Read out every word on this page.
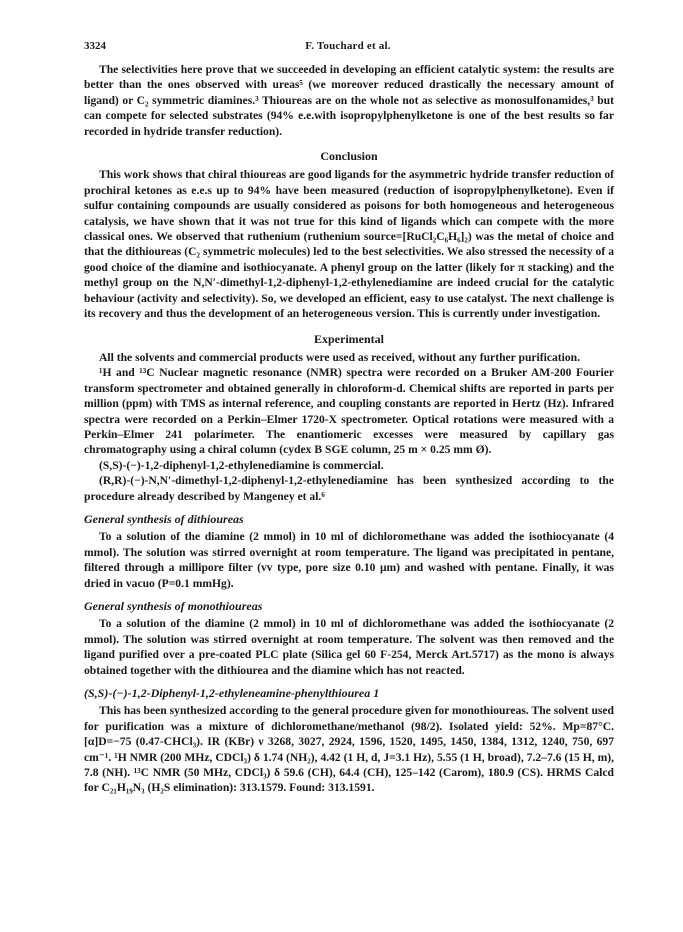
3324	F. Touchard et al.

The selectivities here prove that we succeeded in developing an efficient catalytic system: the results are better than the ones observed with ureas⁵ (we moreover reduced drastically the necessary amount of ligand) or C₂ symmetric diamines.³ Thioureas are on the whole not as selective as monosulfonamides,³ but can compete for selected substrates (94% e.e.with isopropylphenylketone is one of the best results so far recorded in hydride transfer reduction).

Conclusion

This work shows that chiral thioureas are good ligands for the asymmetric hydride transfer reduction of prochiral ketones as e.e.s up to 94% have been measured (reduction of isopropylphenylketone). Even if sulfur containing compounds are usually considered as poisons for both homogeneous and heterogeneous catalysis, we have shown that it was not true for this kind of ligands which can compete with the more classical ones. We observed that ruthenium (ruthenium source=[RuCl₂C₆H₆]₂) was the metal of choice and that the dithioureas (C₂ symmetric molecules) led to the best selectivities. We also stressed the necessity of a good choice of the diamine and isothiocyanate. A phenyl group on the latter (likely for π stacking) and the methyl group on the N,N′-dimethyl-1,2-diphenyl-1,2-ethylenediamine are indeed crucial for the catalytic behaviour (activity and selectivity). So, we developed an efficient, easy to use catalyst. The next challenge is its recovery and thus the development of an heterogeneous version. This is currently under investigation.

Experimental

All the solvents and commercial products were used as received, without any further purification.

¹H and ¹³C Nuclear magnetic resonance (NMR) spectra were recorded on a Bruker AM-200 Fourier transform spectrometer and obtained generally in chloroform-d. Chemical shifts are reported in parts per million (ppm) with TMS as internal reference, and coupling constants are reported in Hertz (Hz). Infrared spectra were recorded on a Perkin–Elmer 1720-X spectrometer. Optical rotations were measured with a Perkin–Elmer 241 polarimeter. The enantiomeric excesses were measured by capillary gas chromatography using a chiral column (cydex B SGE column, 25 m × 0.25 mm Ø).

(S,S)-(−)-1,2-diphenyl-1,2-ethylenediamine is commercial.

(R,R)-(−)-N,N′-dimethyl-1,2-diphenyl-1,2-ethylenediamine has been synthesized according to the procedure already described by Mangeney et al.⁶

General synthesis of dithioureas

To a solution of the diamine (2 mmol) in 10 ml of dichloromethane was added the isothiocyanate (4 mmol). The solution was stirred overnight at room temperature. The ligand was precipitated in pentane, filtered through a millipore filter (vv type, pore size 0.10 μm) and washed with pentane. Finally, it was dried in vacuo (P=0.1 mmHg).

General synthesis of monothioureas

To a solution of the diamine (2 mmol) in 10 ml of dichloromethane was added the isothiocyanate (2 mmol). The solution was stirred overnight at room temperature. The solvent was then removed and the ligand purified over a pre-coated PLC plate (Silica gel 60 F-254, Merck Art.5717) as the mono is always obtained together with the dithiourea and the diamine which has not reacted.

(S,S)-(−)-1,2-Diphenyl-1,2-ethyleneamine-phenylthiourea 1

This has been synthesized according to the general procedure given for monothioureas. The solvent used for purification was a mixture of dichloromethane/methanol (98/2). Isolated yield: 52%. Mp=87°C. [α]D=−75 (0.47-CHCl₃). IR (KBr) ν 3268, 3027, 2924, 1596, 1520, 1495, 1450, 1384, 1312, 1240, 750, 697 cm⁻¹. ¹H NMR (200 MHz, CDCl₃) δ 1.74 (NH₂), 4.42 (1 H, d, J=3.1 Hz), 5.55 (1 H, broad), 7.2–7.6 (15 H, m), 7.8 (NH). ¹³C NMR (50 MHz, CDCl₃) δ 59.6 (CH), 64.4 (CH), 125–142 (Carom), 180.9 (CS). HRMS Calcd for C₂₁H₁₉N₃ (H₂S elimination): 313.1579. Found: 313.1591.
